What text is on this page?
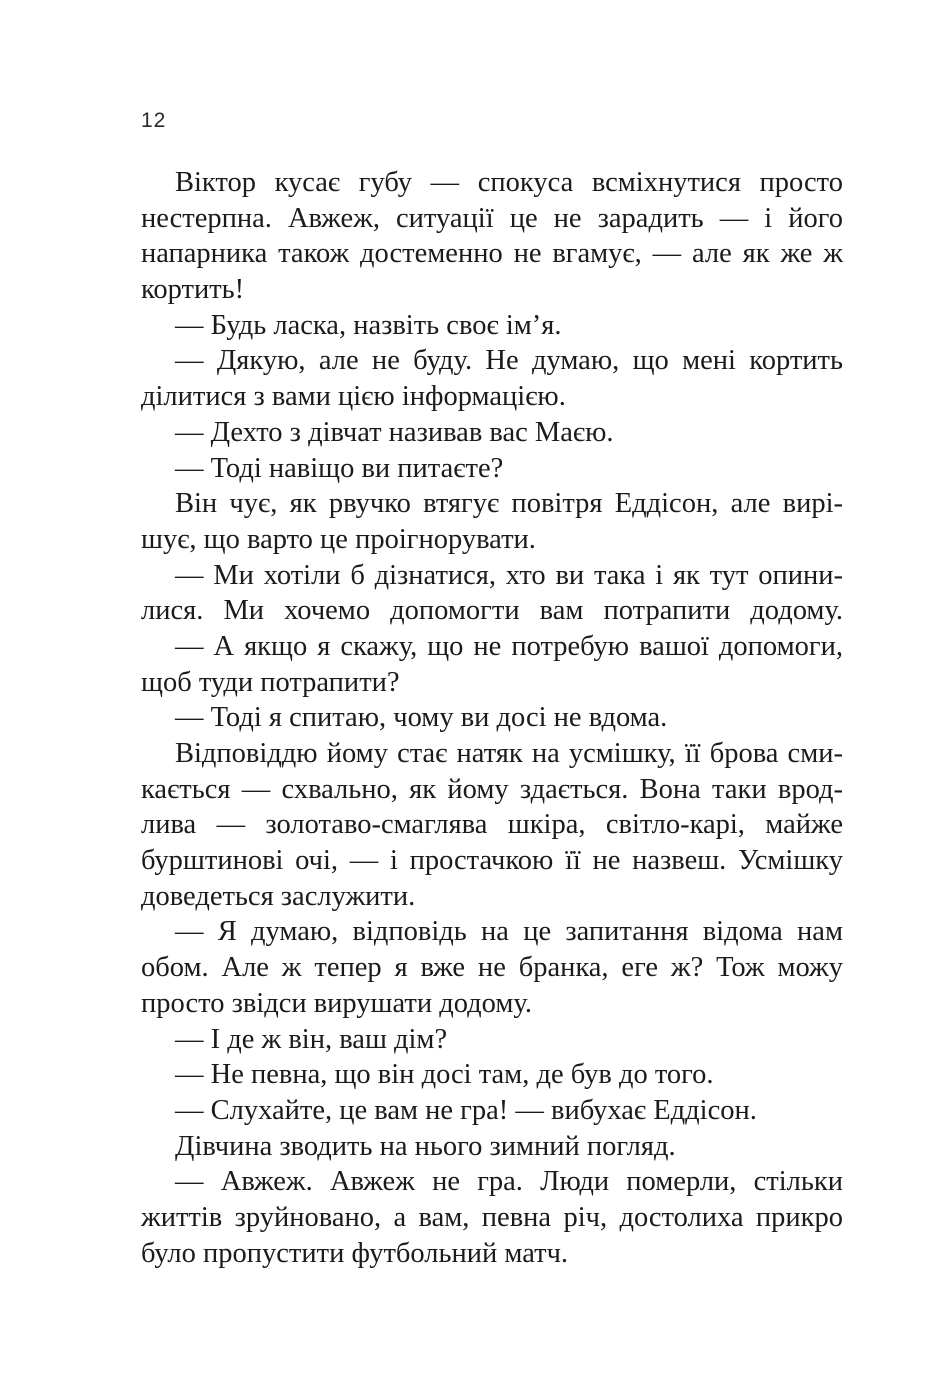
12
Віктор кусає губу — спокуса всміхнутися просто
нестерпна. Авжеж, ситуації це не зарадить — і його
напарника також достеменно не вгамує, — але як же ж
кортить!
— Будь ласка, назвіть своє ім’я.
— Дякую, але не буду. Не думаю, що мені кортить
ділитися з вами цією інформацією.
— Дехто з дівчат називав вас Маєю.
— Тоді навіщо ви питаєте?
Він чує, як рвучко втягує повітря Еддісон, але вирі-
шує, що варто це проігнорувати.
— Ми хотіли б дізнатися, хто ви така і як тут опини-
лися. Ми хочемо допомогти вам потрапити додому.
— А якщо я скажу, що не потребую вашої допомоги,
щоб туди потрапити?
— Тоді я спитаю, чому ви досі не вдома.
Відповіддю йому стає натяк на усмішку, її брова сми-
кається — схвально, як йому здається. Вона таки врод-
лива — золотаво-смаглява шкіра, світло-карі, майже
бурштинові очі, — і простачкою її не назвеш. Усмішку
доведеться заслужити.
— Я думаю, відповідь на це запитання відома нам
обом. Але ж тепер я вже не бранка, еге ж? Тож можу
просто звідси вирушати додому.
— І де ж він, ваш дім?
— Не певна, що він досі там, де був до того.
— Слухайте, це вам не гра! — вибухає Еддісон.
Дівчина зводить на нього зимний погляд.
— Авжеж. Авжеж не гра. Люди померли, стільки
життів зруйновано, а вам, певна річ, достолиха прикро
було пропустити футбольний матч.
